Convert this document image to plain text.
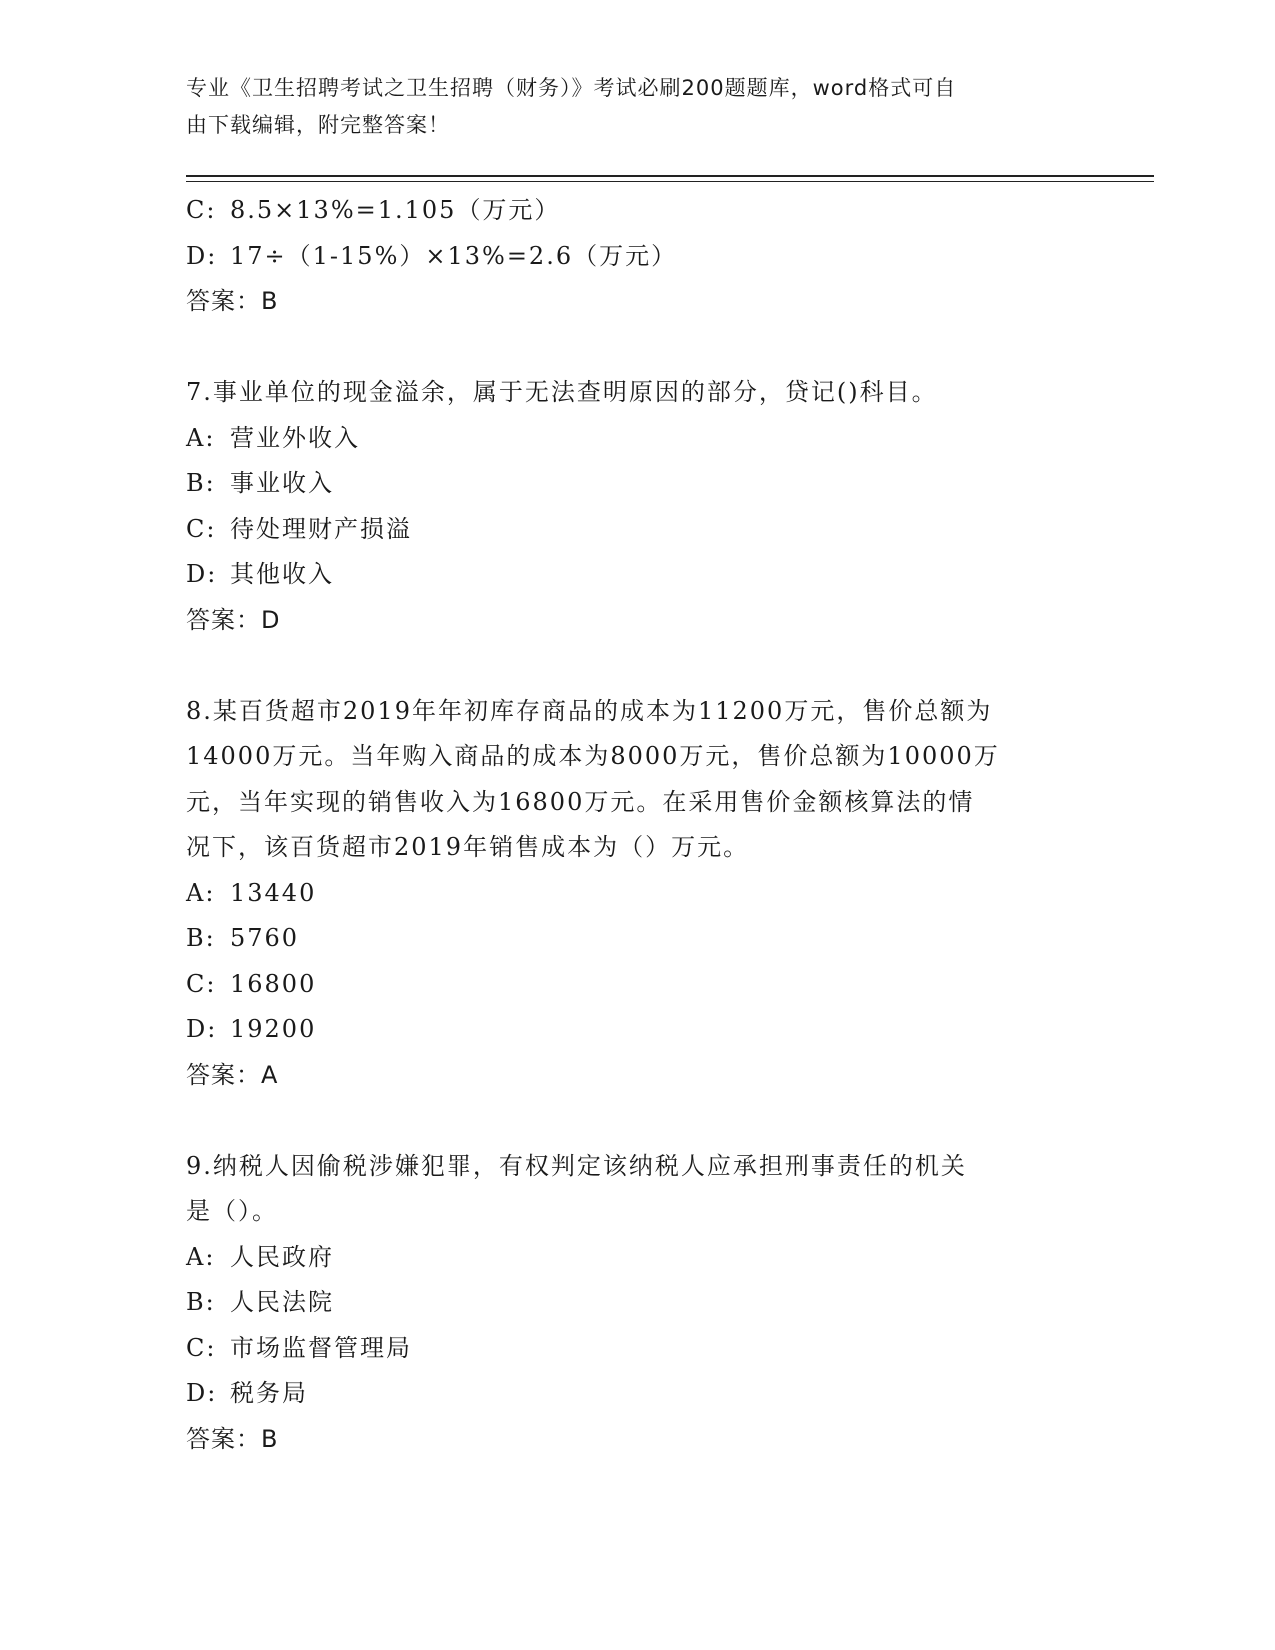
专业《卫生招聘考试之卫生招聘（财务）》考试必刷200题题库，word格式可自
由下载编辑，附完整答案！
C: 8.5×13%=1.105（万元）
D: 17÷（1-15%）×13%=2.6（万元）
答案：B
7.事业单位的现金溢余，属于无法查明原因的部分，贷记()科目。
A: 营业外收入
B: 事业收入
C: 待处理财产损溢
D: 其他收入
答案：D
8.某百货超市2019年年初库存商品的成本为11200万元，售价总额为
14000万元。当年购入商品的成本为8000万元，售价总额为10000万
元，当年实现的销售收入为16800万元。在采用售价金额核算法的情
况下，该百货超市2019年销售成本为（）万元。
A: 13440
B: 5760
C: 16800
D: 19200
答案：A
9.纳税人因偷税涉嫌犯罪，有权判定该纳税人应承担刑事责任的机关
是（）。
A: 人民政府
B: 人民法院
C: 市场监督管理局
D: 税务局
答案：B
